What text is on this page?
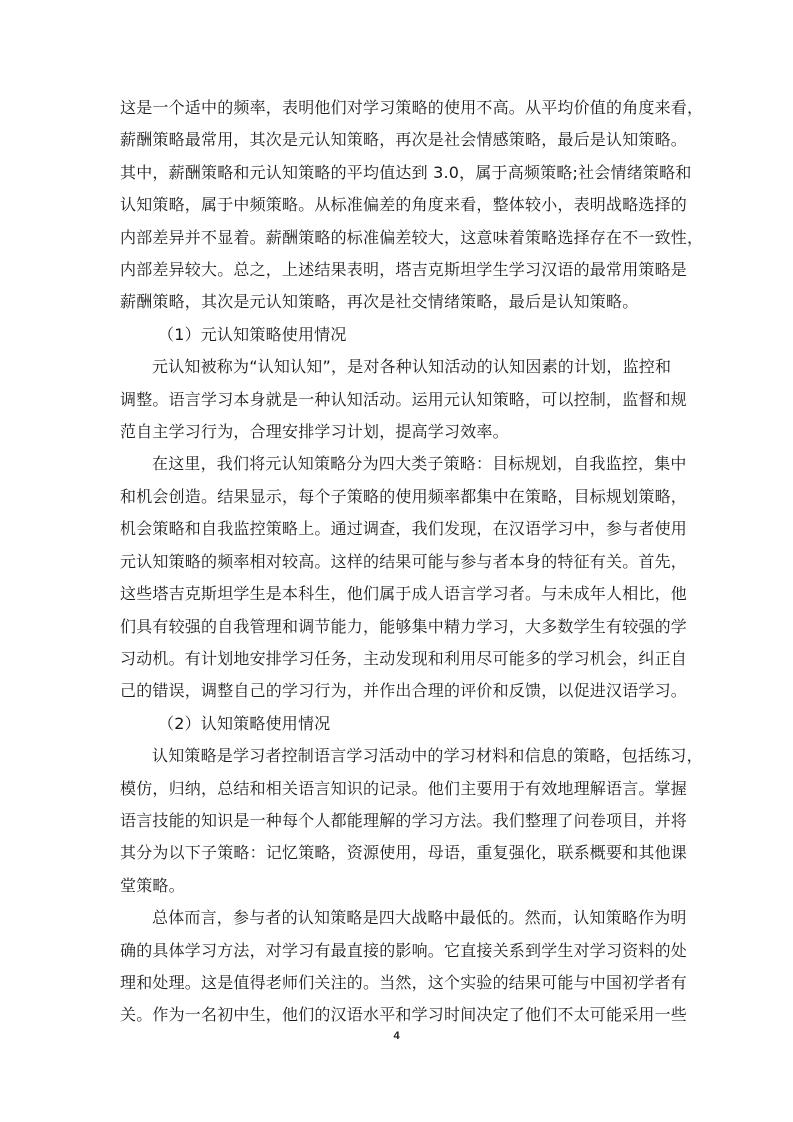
这是一个适中的频率，表明他们对学习策略的使用不高。从平均价值的角度来看，
薪酬策略最常用，其次是元认知策略，再次是社会情感策略，最后是认知策略。
其中，薪酬策略和元认知策略的平均值达到 3.0，属于高频策略;社会情绪策略和
认知策略，属于中频策略。从标准偏差的角度来看，整体较小，表明战略选择的
内部差异并不显着。薪酬策略的标准偏差较大，这意味着策略选择存在不一致性，
内部差异较大。总之，上述结果表明，塔吉克斯坦学生学习汉语的最常用策略是
薪酬策略，其次是元认知策略，再次是社交情绪策略，最后是认知策略。
（1）元认知策略使用情况
元认知被称为“认知认知”，是对各种认知活动的认知因素的计划，监控和
调整。语言学习本身就是一种认知活动。运用元认知策略，可以控制，监督和规
范自主学习行为，合理安排学习计划，提高学习效率。
在这里，我们将元认知策略分为四大类子策略：目标规划，自我监控，集中
和机会创造。结果显示，每个子策略的使用频率都集中在策略，目标规划策略，
机会策略和自我监控策略上。通过调查，我们发现，在汉语学习中，参与者使用
元认知策略的频率相对较高。这样的结果可能与参与者本身的特征有关。首先，
这些塔吉克斯坦学生是本科生，他们属于成人语言学习者。与未成年人相比，他
们具有较强的自我管理和调节能力，能够集中精力学习，大多数学生有较强的学
习动机。有计划地安排学习任务，主动发现和利用尽可能多的学习机会，纠正自
己的错误，调整自己的学习行为，并作出合理的评价和反馈，以促进汉语学习。
（2）认知策略使用情况
认知策略是学习者控制语言学习活动中的学习材料和信息的策略，包括练习，
模仿，归纳，总结和相关语言知识的记录。他们主要用于有效地理解语言。掌握
语言技能的知识是一种每个人都能理解的学习方法。我们整理了问卷项目，并将
其分为以下子策略：记忆策略，资源使用，母语，重复强化，联系概要和其他课
堂策略。
总体而言，参与者的认知策略是四大战略中最低的。然而，认知策略作为明
确的具体学习方法，对学习有最直接的影响。它直接关系到学生对学习资料的处
理和处理。这是值得老师们关注的。当然，这个实验的结果可能与中国初学者有
关。作为一名初中生，他们的汉语水平和学习时间决定了他们不太可能采用一些
4
